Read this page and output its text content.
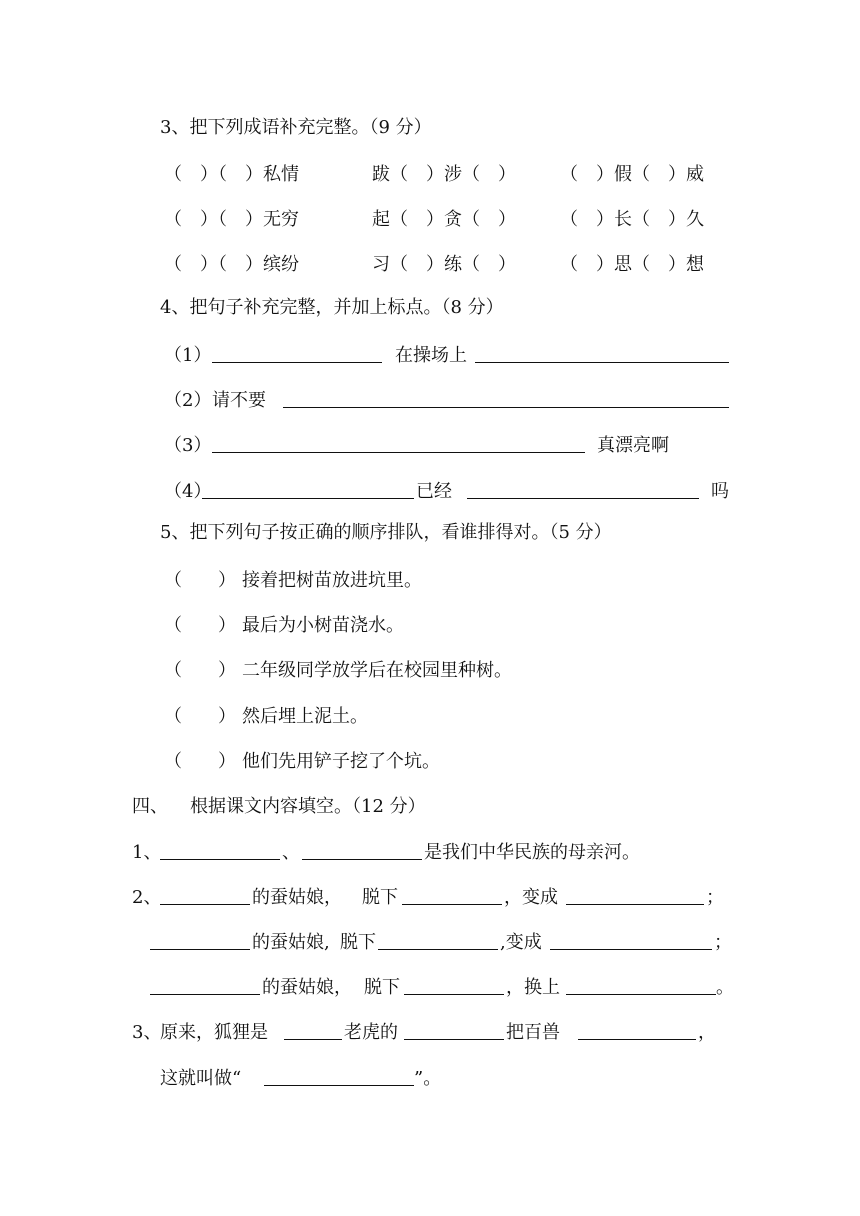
3、把下列成语补充完整。（9 分）
（　）（　）私情	跋（　）涉（　） （　）假（　）威
（　）（　）无穷	起（　）贪（　） （　）长（　）久
（　）（　）缤纷	习（　）练（　） （　）思（　）想
4、把句子补充完整，并加上标点。（8 分）
（1）	在操场上
（2） 请不要
（3）	真漂亮啊
（4）	已经	吗
5、把下列句子按正确的顺序排队，看谁排得对。（5 分）
（　　） 接着把树苗放进坑里。
（　　） 最后为小树苗浇水。
（　　） 二年级同学放学后在校园里种树。
（　　） 然后埋上泥土。
（　　） 他们先用铲子挖了个坑。
四、 根据课文内容填空。（12 分）
1、	、	是我们中华民族的母亲河。
2、	的蚕姑娘， 脱下	，变成	；
的蚕姑娘, 脱下	,变成	；
的蚕姑娘， 脱下	，换上	。
3、
原来，狐狸是	老虎的	把百兽	，
这就叫做“	”。
